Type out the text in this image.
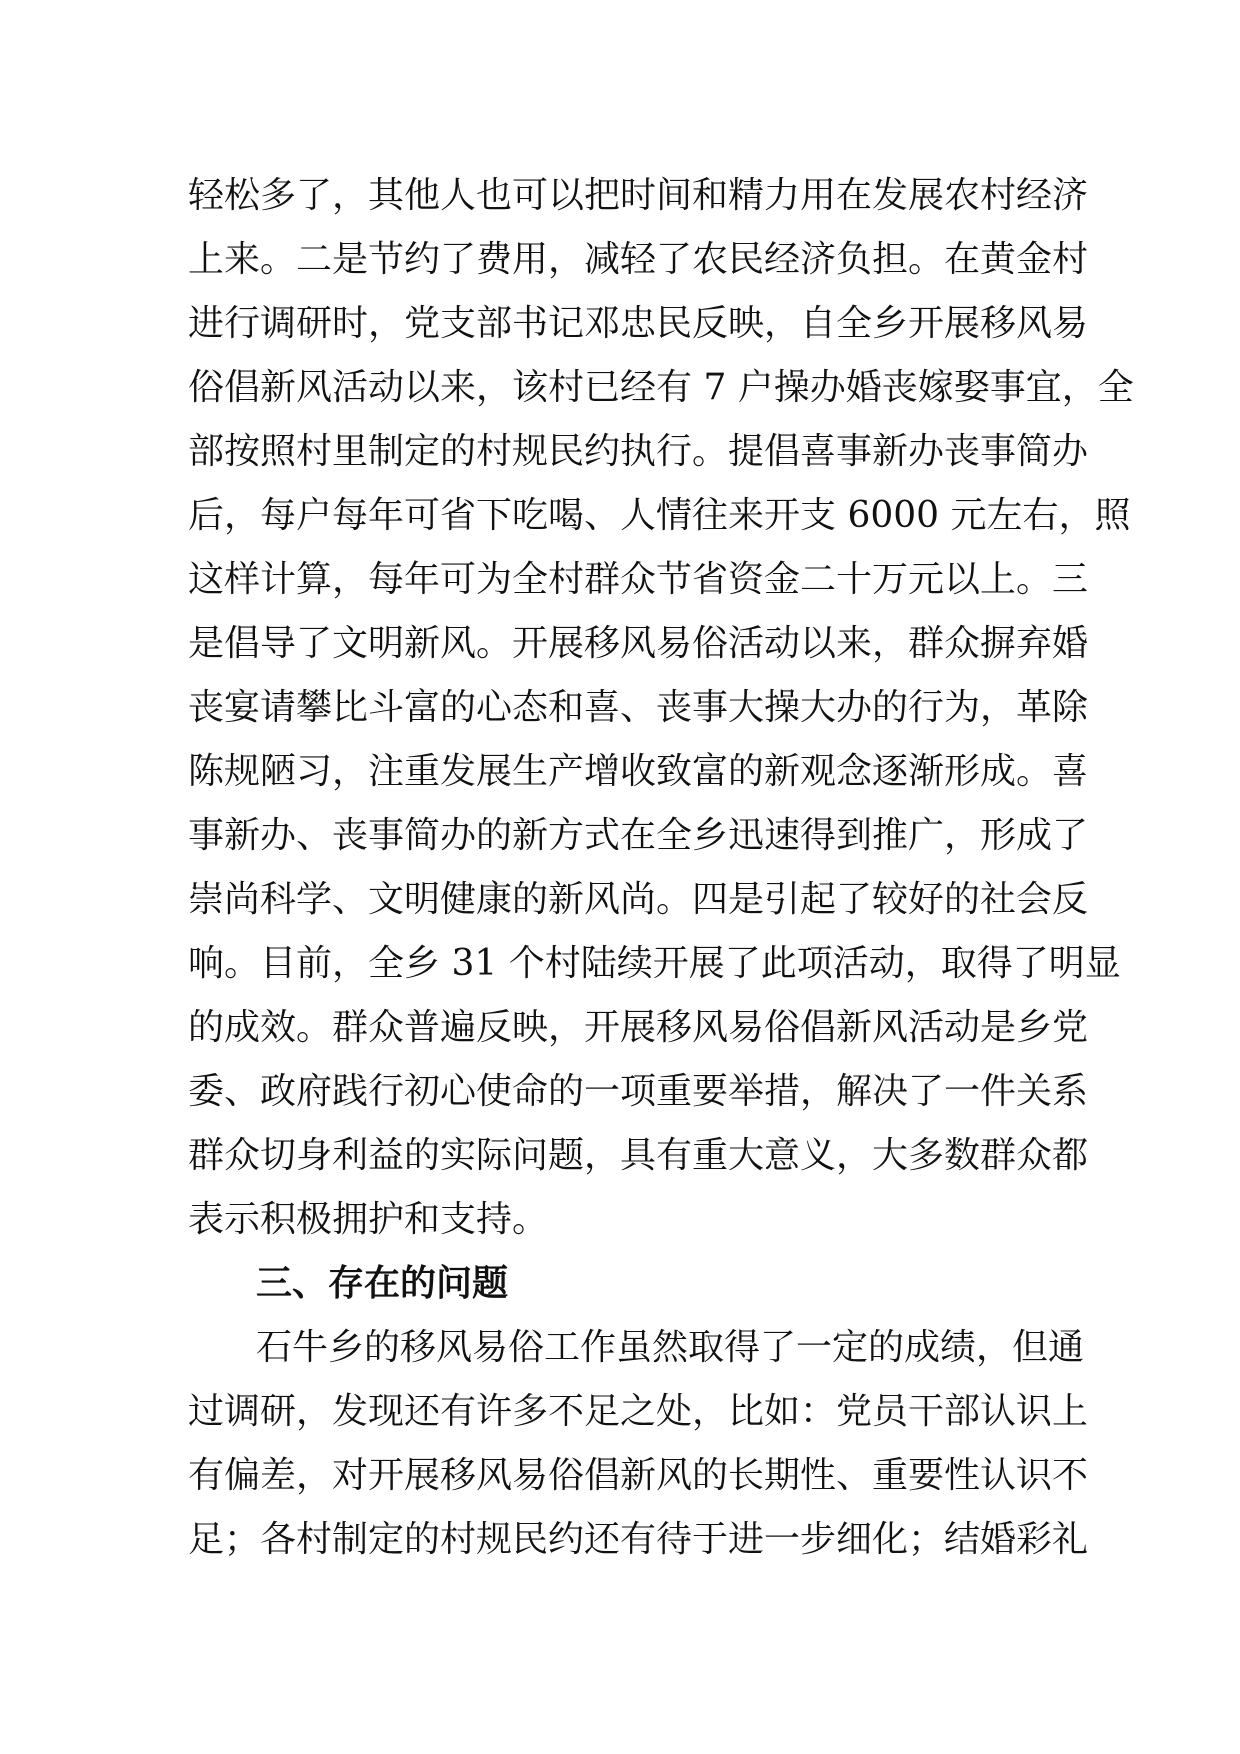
轻松多了，其他人也可以把时间和精力用在发展农村经济
上来。二是节约了费用，减轻了农民经济负担。在黄金村
进行调研时，党支部书记邓忠民反映，自全乡开展移风易
俗倡新风活动以来，该村已经有 7 户操办婚丧嫁娶事宜，全
部按照村里制定的村规民约执行。提倡喜事新办丧事简办
后，每户每年可省下吃喝、人情往来开支 6000 元左右，照
这样计算，每年可为全村群众节省资金二十万元以上。三
是倡导了文明新风。开展移风易俗活动以来，群众摒弃婚
丧宴请攀比斗富的心态和喜、丧事大操大办的行为，革除
陈规陋习，注重发展生产增收致富的新观念逐渐形成。喜
事新办、丧事简办的新方式在全乡迅速得到推广，形成了
崇尚科学、文明健康的新风尚。四是引起了较好的社会反
响。目前，全乡 31 个村陆续开展了此项活动，取得了明显
的成效。群众普遍反映，开展移风易俗倡新风活动是乡党
委、政府践行初心使命的一项重要举措，解决了一件关系
群众切身利益的实际问题，具有重大意义，大多数群众都
表示积极拥护和支持。
三、存在的问题
石牛乡的移风易俗工作虽然取得了一定的成绩，但通
过调研，发现还有许多不足之处，比如：党员干部认识上
有偏差，对开展移风易俗倡新风的长期性、重要性认识不
足；各村制定的村规民约还有待于进一步细化；结婚彩礼
